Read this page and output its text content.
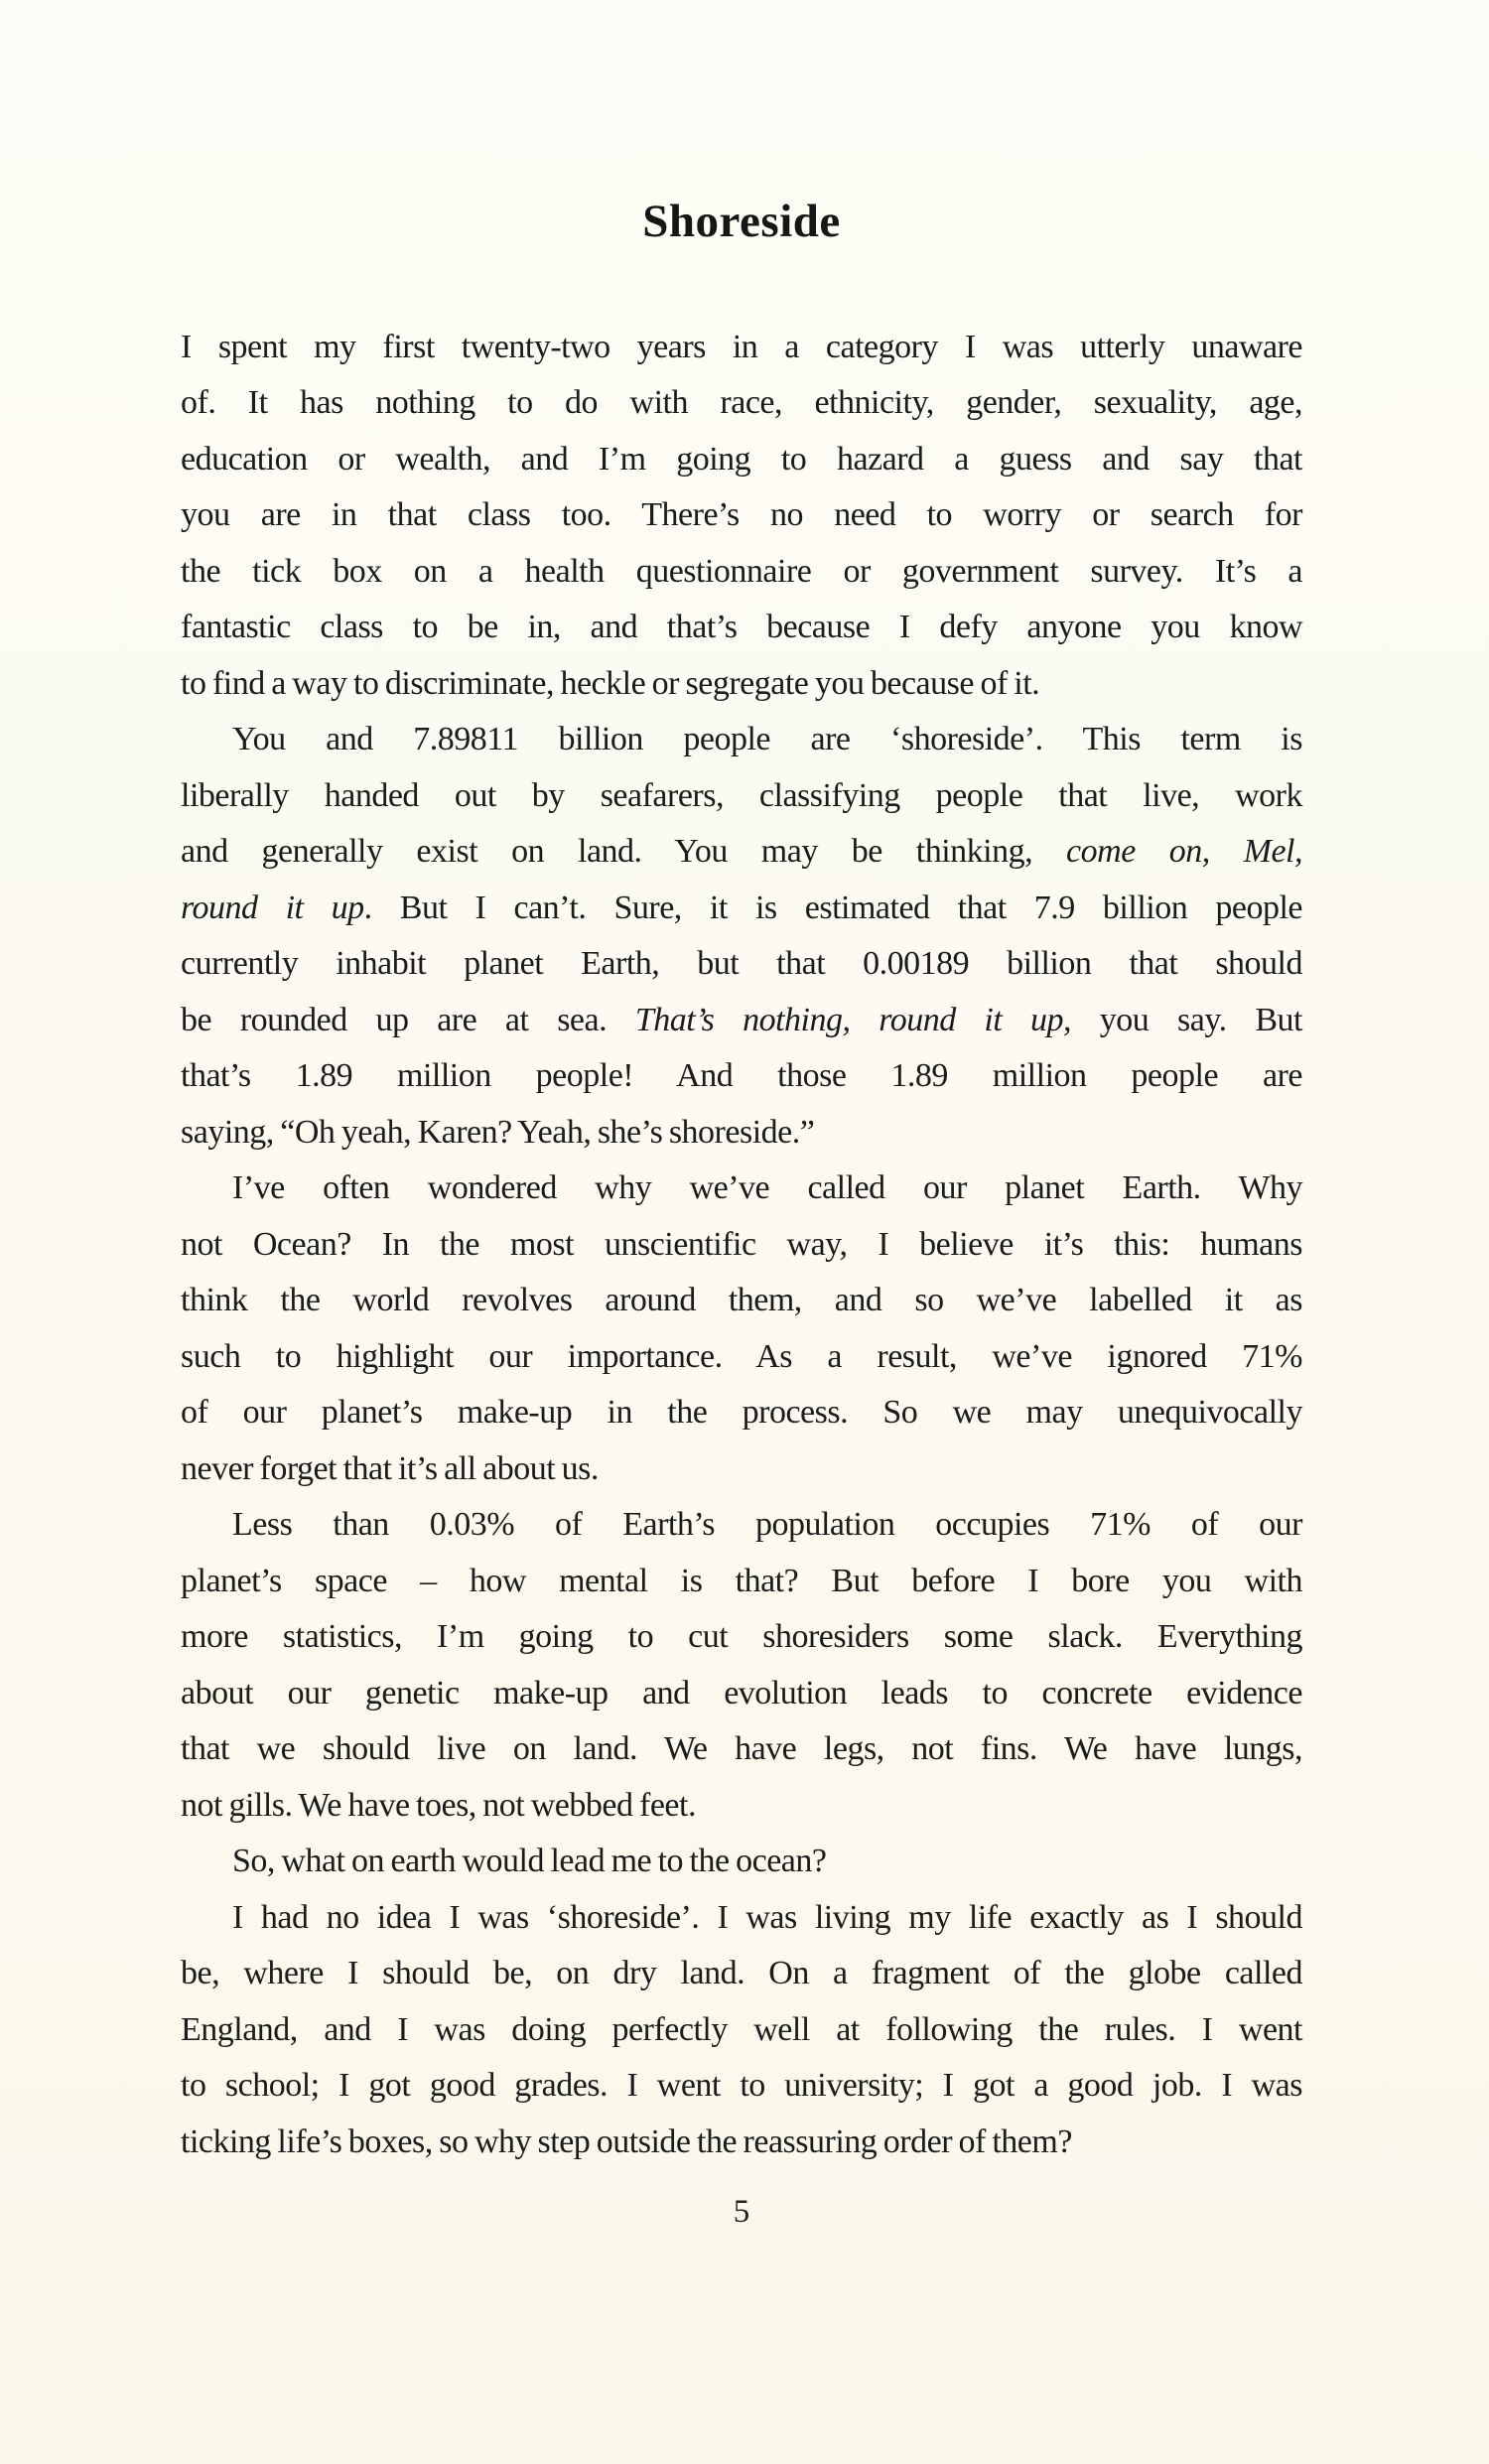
Shoreside
I spent my first twenty-two years in a category I was utterly unaware
of. It has nothing to do with race, ethnicity, gender, sexuality, age,
education or wealth, and I’m going to hazard a guess and say that
you are in that class too. There’s no need to worry or search for
the tick box on a health questionnaire or government survey. It’s a
fantastic class to be in, and that’s because I defy anyone you know
to find a way to discriminate, heckle or segregate you because of it.
You and 7.89811 billion people are ‘shoreside’. This term is
liberally handed out by seafarers, classifying people that live, work
and generally exist on land. You may be thinking, come on, Mel,
round it up. But I can’t. Sure, it is estimated that 7.9 billion people
currently inhabit planet Earth, but that 0.00189 billion that should
be rounded up are at sea. That’s nothing, round it up, you say. But
that’s 1.89 million people! And those 1.89 million people are
saying, “Oh yeah, Karen? Yeah, she’s shoreside.”
I’ve often wondered why we’ve called our planet Earth. Why
not Ocean? In the most unscientific way, I believe it’s this: humans
think the world revolves around them, and so we’ve labelled it as
such to highlight our importance. As a result, we’ve ignored 71%
of our planet’s make-up in the process. So we may unequivocally
never forget that it’s all about us.
Less than 0.03% of Earth’s population occupies 71% of our
planet’s space – how mental is that? But before I bore you with
more statistics, I’m going to cut shoresiders some slack. Everything
about our genetic make-up and evolution leads to concrete evidence
that we should live on land. We have legs, not fins. We have lungs,
not gills. We have toes, not webbed feet.
So, what on earth would lead me to the ocean?
I had no idea I was ‘shoreside’. I was living my life exactly as I should
be, where I should be, on dry land. On a fragment of the globe called
England, and I was doing perfectly well at following the rules. I went
to school; I got good grades. I went to university; I got a good job. I was
ticking life’s boxes, so why step outside the reassuring order of them?
5
